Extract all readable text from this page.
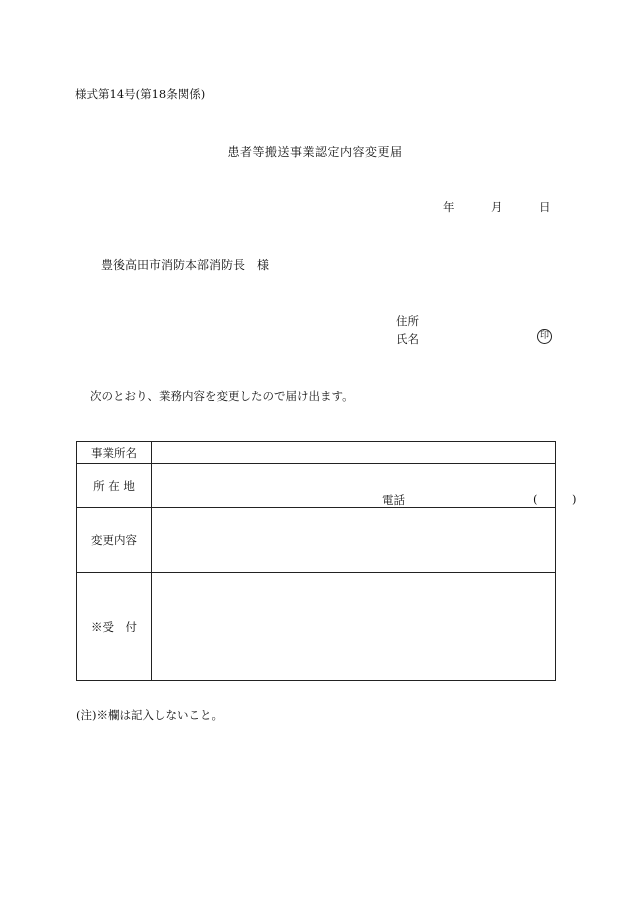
様式第14号(第18条関係)
患者等搬送事業認定内容変更届
年	月	日
豊後高田市消防本部消防長　様
住所
氏名	印
次のとおり、業務内容を変更したので届け出ます。
事業所名
所 在 地
電話	(	)
変更内容
※受　付
(注)※欄は記入しないこと。
